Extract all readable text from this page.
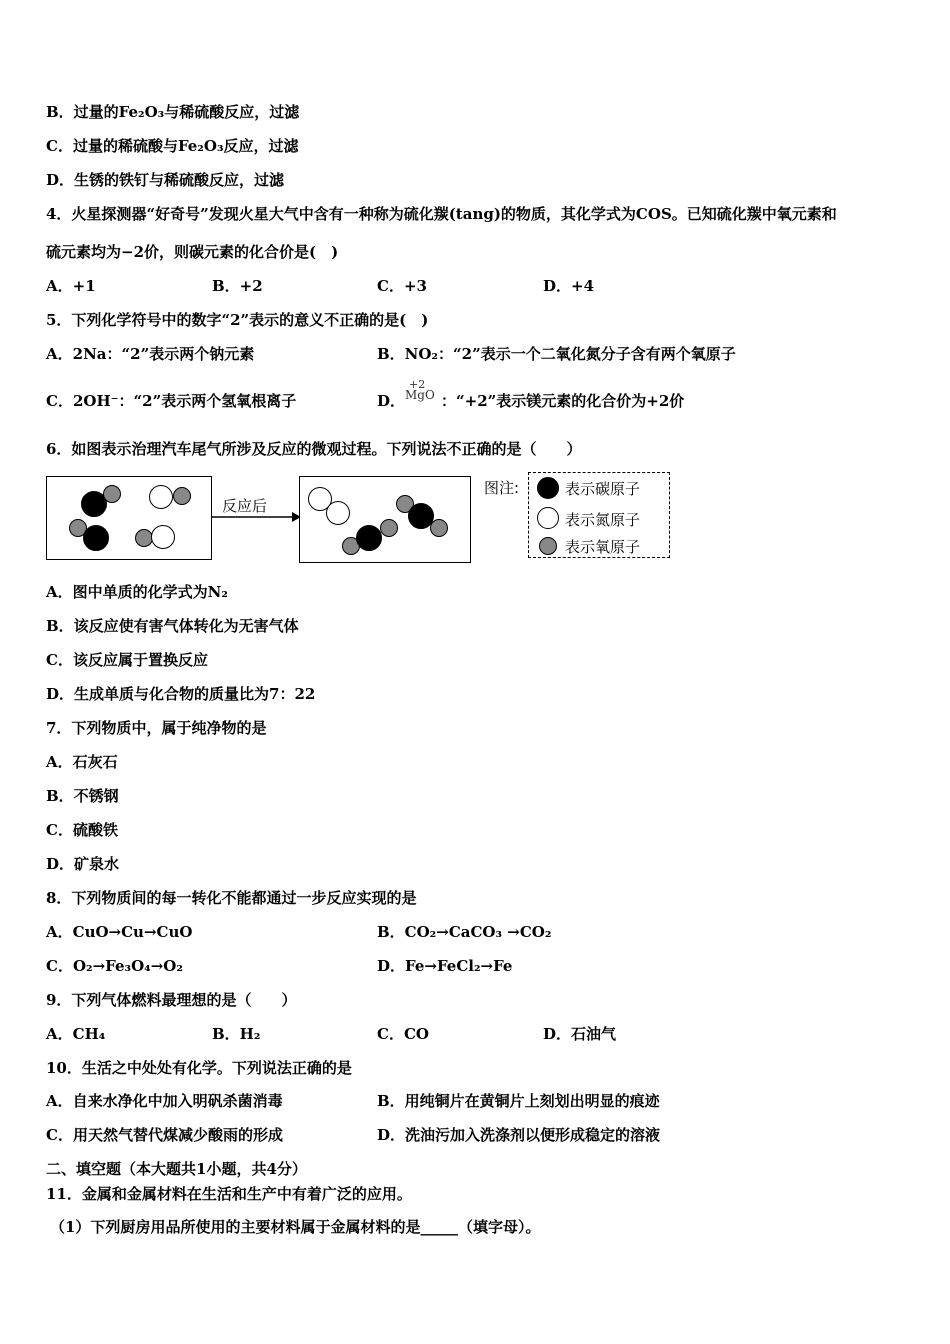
B．过量的Fe₂O₃与稀硫酸反应，过滤
C．过量的稀硫酸与Fe₂O₃反应，过滤
D．生锈的铁钉与稀硫酸反应，过滤
4．火星探测器“好奇号”发现火星大气中含有一种称为硫化羰(tang)的物质，其化学式为COS。已知硫化羰中氧元素和
硫元素均为−2价，则碳元素的化合价是(　)
A．+1	B．+2	C．+3	D．+4
5．下列化学符号中的数字“2”表示的意义不正确的是(　)
A．2Na：“2”表示两个钠元素	B．NO₂：“2”表示一个二氧化氮分子含有两个氧原子
C．2OH⁻：“2”表示两个氢氧根离子	D．
+2
MgO ：“+2”表示镁元素的化合价为+2价
6．如图表示治理汽车尾气所涉及反应的微观过程。下列说法不正确的是（　　）
反应后
图注:	表示碳原子
表示氮原子
表示氧原子
A．图中单质的化学式为N₂
B．该反应使有害气体转化为无害气体
C．该反应属于置换反应
D．生成单质与化合物的质量比为7：22
7．下列物质中，属于纯净物的是
A．石灰石
B．不锈钢
C．硫酸铁
D．矿泉水
8．下列物质间的每一转化不能都通过一步反应实现的是
A．CuO→Cu→CuO	B．CO₂→CaCO₃ →CO₂
C．O₂→Fe₃O₄→O₂	D．Fe→FeCl₂→Fe
9．下列气体燃料最理想的是（　　）
A．CH₄	B．H₂	C．CO	D．石油气
10．生活之中处处有化学。下列说法正确的是
A．自来水净化中加入明矾杀菌消毒	B．用纯铜片在黄铜片上刻划出明显的痕迹
C．用天然气替代煤减少酸雨的形成	D．洗油污加入洗涤剂以便形成稳定的溶液
二、填空题（本大题共1小题，共4分）
11．金属和金属材料在生活和生产中有着广泛的应用。
（1）下列厨房用品所使用的主要材料属于金属材料的是_____（填字母）。
